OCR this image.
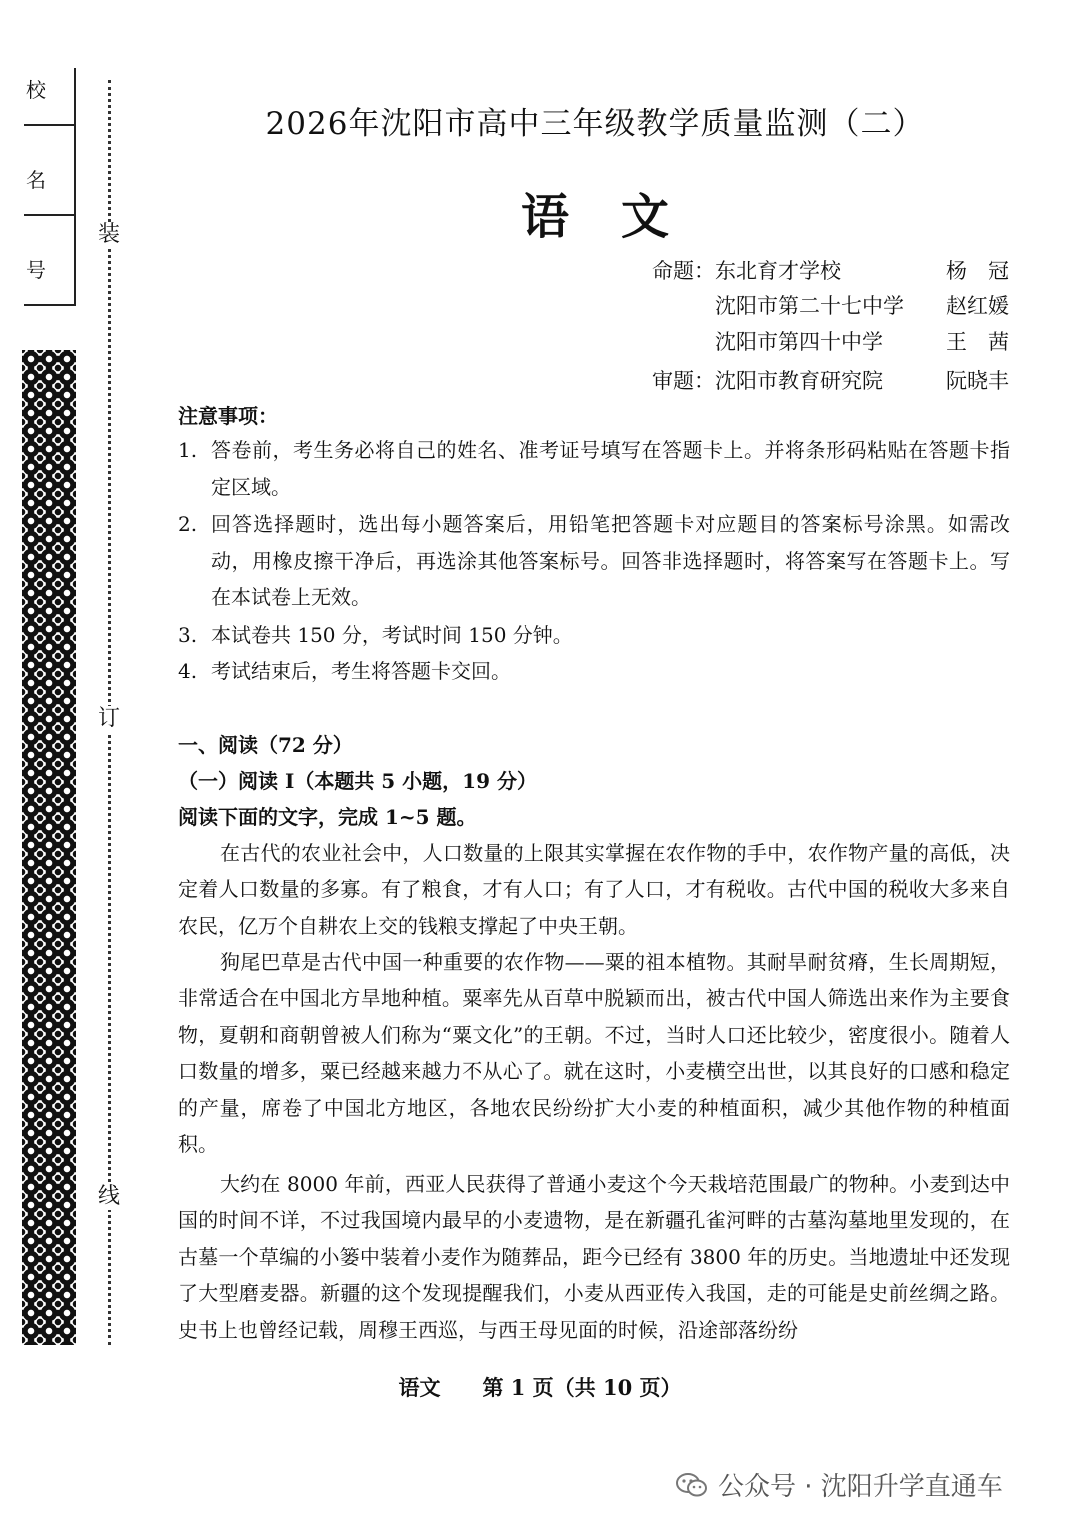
校
名
号
装
订
线
2026年沈阳市高中三年级教学质量监测（二）
语文
命题： 东北育才学校	杨　冠
沈阳市第二十七中学 赵红媛
沈阳市第四十中学	王　茜
审题： 沈阳市教育研究院	阮晓丰
注意事项：
1. 答卷前，考生务必将自己的姓名、准考证号填写在答题卡上。并将条形码粘贴在答题卡指定区域。
2. 回答选择题时，选出每小题答案后，用铅笔把答题卡对应题目的答案标号涂黑。如需改动，用橡皮擦干净后，再选涂其他答案标号。回答非选择题时，将答案写在答题卡上。写在本试卷上无效。
3. 本试卷共 150 分，考试时间 150 分钟。
4. 考试结束后，考生将答题卡交回。
一、阅读（72 分）
（一）阅读 I（本题共 5 小题，19 分）
阅读下面的文字，完成 1~5 题。
在古代的农业社会中，人口数量的上限其实掌握在农作物的手中，农作物产量的高低，决定着人口数量的多寡。有了粮食，才有人口；有了人口，才有税收。古代中国的税收大多来自农民，亿万个自耕农上交的钱粮支撑起了中央王朝。
狗尾巴草是古代中国一种重要的农作物——粟的祖本植物。其耐旱耐贫瘠，生长周期短，非常适合在中国北方旱地种植。粟率先从百草中脱颖而出，被古代中国人筛选出来作为主要食物，夏朝和商朝曾被人们称为“粟文化”的王朝。不过，当时人口还比较少，密度很小。随着人口数量的增多，粟已经越来越力不从心了。就在这时，小麦横空出世，以其良好的口感和稳定的产量，席卷了中国北方地区，各地农民纷纷扩大小麦的种植面积，减少其他作物的种植面积。
大约在 8000 年前，西亚人民获得了普通小麦这个今天栽培范围最广的物种。小麦到达中国的时间不详，不过我国境内最早的小麦遗物，是在新疆孔雀河畔的古墓沟墓地里发现的，在古墓一个草编的小篓中装着小麦作为随葬品，距今已经有 3800 年的历史。当地遗址中还发现了大型磨麦器。新疆的这个发现提醒我们，小麦从西亚传入我国，走的可能是史前丝绸之路。史书上也曾经记载，周穆王西巡，与西王母见面的时候，沿途部落纷纷
语文　　第 1 页（共 10 页）
公众号 · 沈阳升学直通车
